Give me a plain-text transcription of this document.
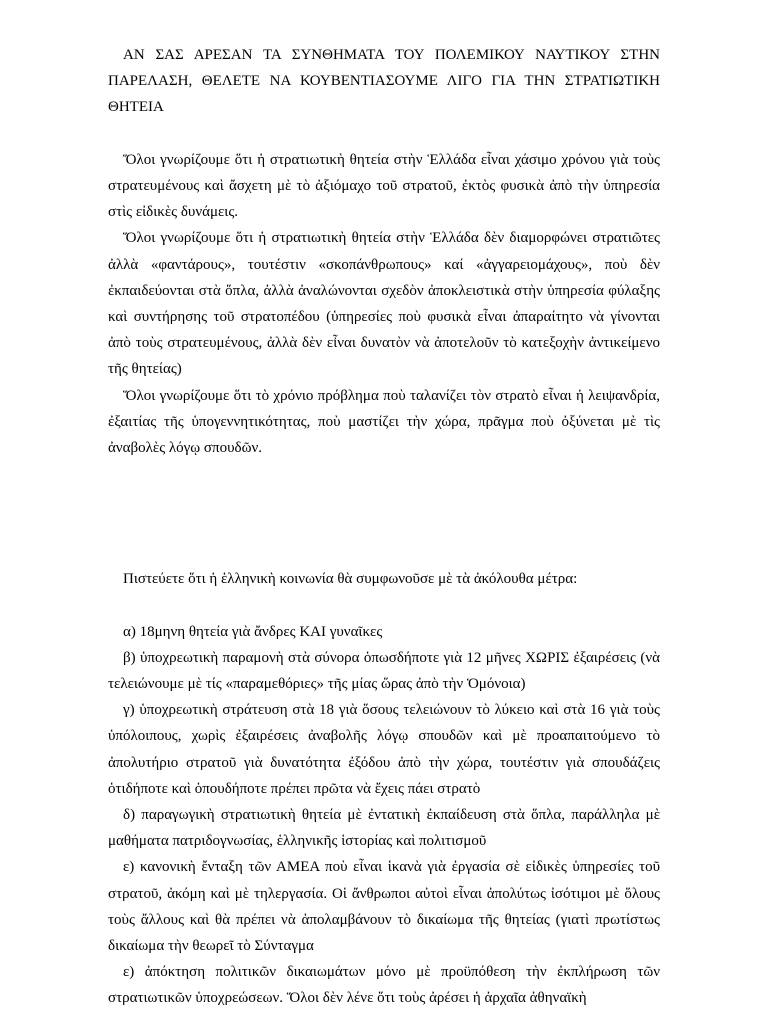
ΑΝ ΣΑΣ ΑΡΕΣΑΝ ΤΑ ΣΥΝΘΗΜΑΤΑ ΤΟΥ ΠΟΛΕΜΙΚΟΥ ΝΑΥΤΙΚΟΥ ΣΤΗΝ ΠΑΡΕΛΑΣΗ, ΘΕΛΕΤΕ ΝΑ ΚΟΥΒΕΝΤΙΑΣΟΥΜΕ ΛΙΓΟ ΓΙΑ ΤΗΝ ΣΤΡΑΤΙΩΤΙΚΗ ΘΗΤΕΙΑ

Ὅλοι γνωρίζουμε ὅτι ἡ στρατιωτικὴ θητεία στὴν Ἑλλάδα εἶναι χάσιμο χρόνου γιὰ τοὺς στρατευμένους καὶ ἄσχετη μὲ τὸ ἀξιόμαχο τοῦ στρατοῦ, ἐκτὸς φυσικὰ ἀπὸ τὴν ὑπηρεσία στὶς εἰδικὲς δυνάμεις.

Ὅλοι γνωρίζουμε ὅτι ἡ στρατιωτικὴ θητεία στὴν Ἑλλάδα δὲν διαμορφώνει στρατιῶτες ἀλλὰ «φαντάρους», τουτέστιν «σκοπάνθρωπους» καί «ἀγγαρειομάχους», ποὺ δὲν ἐκπαιδεύονται στὰ ὅπλα, ἀλλὰ ἀναλώνονται σχεδὸν ἀποκλειστικὰ στὴν ὑπηρεσία φύλαξης καὶ συντήρησης τοῦ στρατοπέδου (ὑπηρεσίες ποὺ φυσικὰ εἶναι ἀπαραίτητο νὰ γίνονται ἀπὸ τοὺς στρατευμένους, ἀλλὰ δὲν εἶναι δυνατὸν νὰ ἀποτελοῦν τὸ κατεξοχὴν ἀντικείμενο τῆς θητείας)

Ὅλοι γνωρίζουμε ὅτι τὸ χρόνιο πρόβλημα ποὺ ταλανίζει τὸν στρατὸ εἶναι ἡ λειψανδρία, ἐξαιτίας τῆς ὑπογεννητικότητας, ποὺ μαστίζει τὴν χώρα, πρᾶγμα ποὺ ὀξύνεται μὲ τὶς ἀναβολὲς λόγῳ σπουδῶν.

Πιστεύετε ὅτι ἡ ἑλληνικὴ κοινωνία θὰ συμφωνοῦσε μὲ τὰ ἀκόλουθα μέτρα:

α) 18μηνη θητεία γιὰ ἄνδρες ΚΑΙ γυναῖκες

β) ὑποχρεωτικὴ παραμονὴ στὰ σύνορα ὁπωσδήποτε γιὰ 12 μῆνες ΧΩΡΙΣ ἐξαιρέσεις (νὰ τελειώνουμε μὲ τίς «παραμεθόριες» τῆς μίας ὥρας ἀπὸ τὴν Ὁμόνοια)

γ) ὑποχρεωτικὴ στράτευση στὰ 18 γιὰ ὅσους τελειώνουν τὸ λύκειο καὶ στὰ 16 γιὰ τοὺς ὑπόλοιπους, χωρὶς ἐξαιρέσεις ἀναβολῆς λόγῳ σπουδῶν καὶ μὲ προαπαιτούμενο τὸ ἀπολυτήριο στρατοῦ γιὰ δυνατότητα ἐξόδου ἀπὸ τὴν χώρα, τουτέστιν γιὰ σπουδάζεις ὁτιδήποτε καὶ ὁπουδήποτε πρέπει πρῶτα νὰ ἔχεις πάει στρατὸ

δ) παραγωγικὴ στρατιωτικὴ θητεία μὲ ἐντατικὴ ἐκπαίδευση στὰ ὅπλα, παράλληλα μὲ μαθήματα πατριδογνωσίας, ἑλληνικῆς ἱστορίας καὶ πολιτισμοῦ

ε) κανονικὴ ἔνταξη τῶν ΑΜΕΑ ποὺ εἶναι ἱκανὰ γιὰ ἐργασία σὲ εἰδικὲς ὑπηρεσίες τοῦ στρατοῦ, ἀκόμη καὶ μὲ τηλεργασία. Οἱ ἄνθρωποι αὐτοὶ εἶναι ἀπολύτως ἰσότιμοι μὲ ὅλους τοὺς ἄλλους καὶ θὰ πρέπει νὰ ἀπολαμβάνουν τὸ δικαίωμα τῆς θητείας (γιατὶ πρωτίστως δικαίωμα τὴν θεωρεῖ τὸ Σύνταγμα

ε) ἀπόκτηση πολιτικῶν δικαιωμάτων μόνο μὲ προϋπόθεση τὴν ἐκπλήρωση τῶν στρατιωτικῶν ὑποχρεώσεων. Ὅλοι δὲν λένε ὅτι τοὺς ἀρέσει ἡ ἀρχαῖα ἀθηναϊκὴ
